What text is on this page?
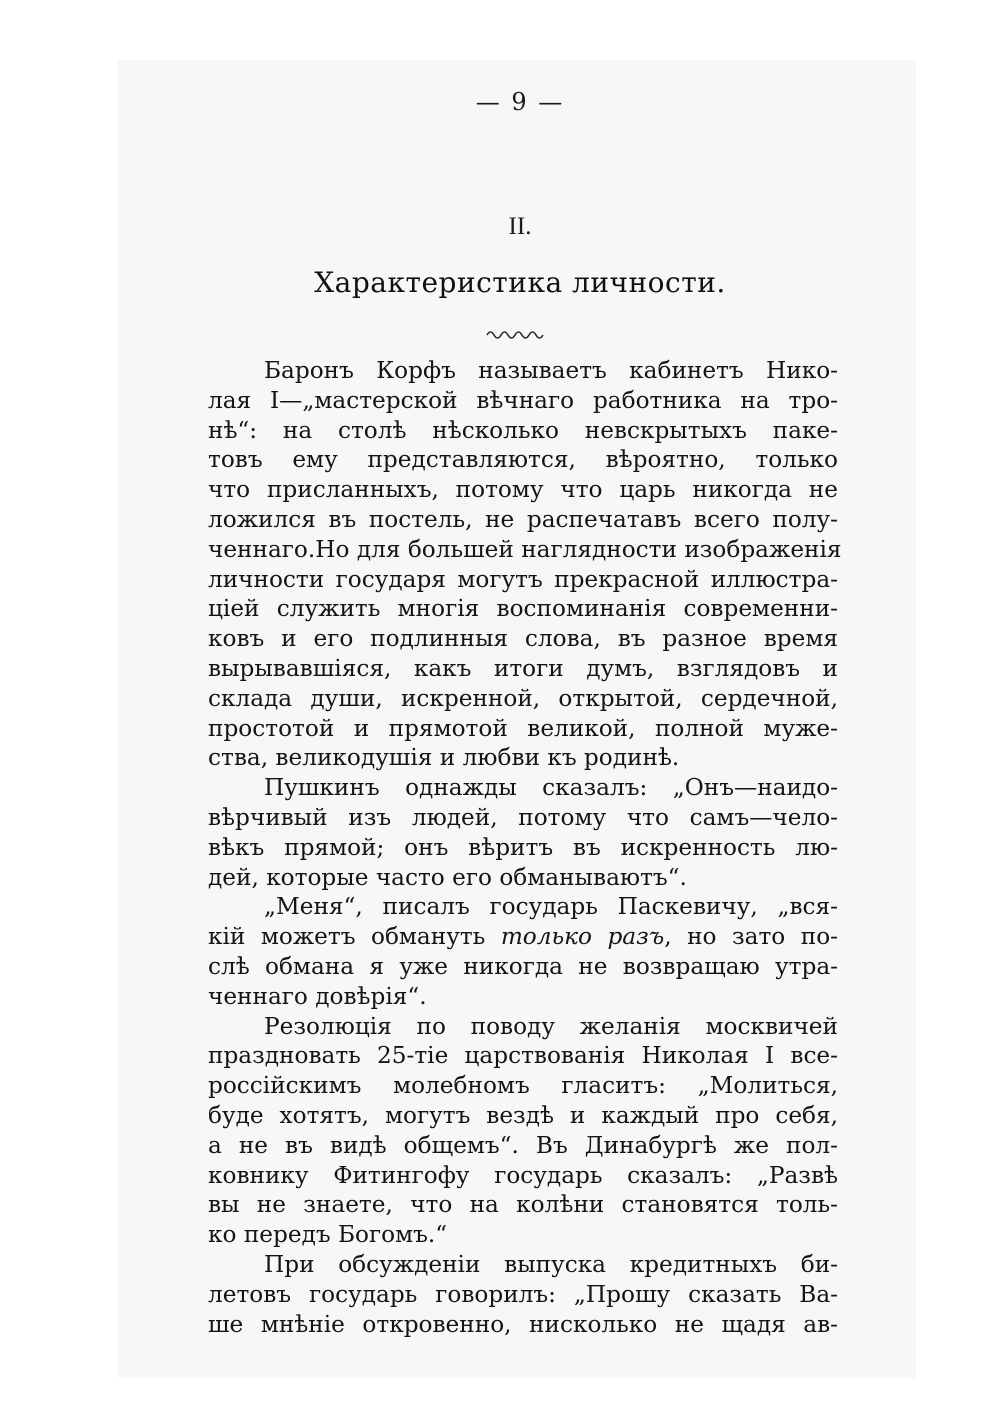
— 9 —
II.
Характеристика личности.
Баронъ Корфъ называетъ кабинетъ Нико-
лая I—„мастерской вѣчнаго работника на тро-
нѣ“: на столѣ нѣсколько невскрытыхъ пакe-
товъ ему представляются, вѣроятно, только
что присланныхъ, потому что царь никогда не
ложился въ постель, не распечатавъ всего полу-
ченнаго.Но для большей наглядности изображенія
личности государя могутъ прекрасной иллюстра-
ціей служить многія воспоминанія современни-
ковъ и его подлинныя слова, въ разное время
вырывавшіяся, какъ итоги думъ, взглядовъ и
склада души, искренной, открытой, сердечной,
простотой и прямотой великой, полной муже-
ства, великодушія и любви къ родинѣ.
Пушкинъ однажды сказалъ: „Онъ—наидо-
вѣрчивый изъ людей, потому что самъ—чело-
вѣкъ прямой; онъ вѣритъ въ искренность лю-
дей, которые часто его обманываютъ“.
„Меня“, писалъ государь Паскевичу, „вся-
кій можетъ обмануть только разъ, но зато по-
слѣ обмана я уже никогда не возвращаю утра-
ченнаго довѣрія“.
Резолюція по поводу желанія москвичей
праздновать 25-тіе царствованія Николая I все-
россійскимъ молебномъ гласитъ: „Молиться,
буде хотятъ, могутъ вездѣ и каждый про себя,
а не въ видѣ общемъ“. Въ Динабургѣ же пол-
ковнику Фитингофу государь сказалъ: „Развѣ
вы не знаете, что на колѣни становятся толь-
ко передъ Богомъ.“
При обсужденіи выпуска кредитныхъ би-
летовъ государь говорилъ: „Прошу сказать Ва-
ше мнѣніе откровенно, нисколько не щадя ав-
